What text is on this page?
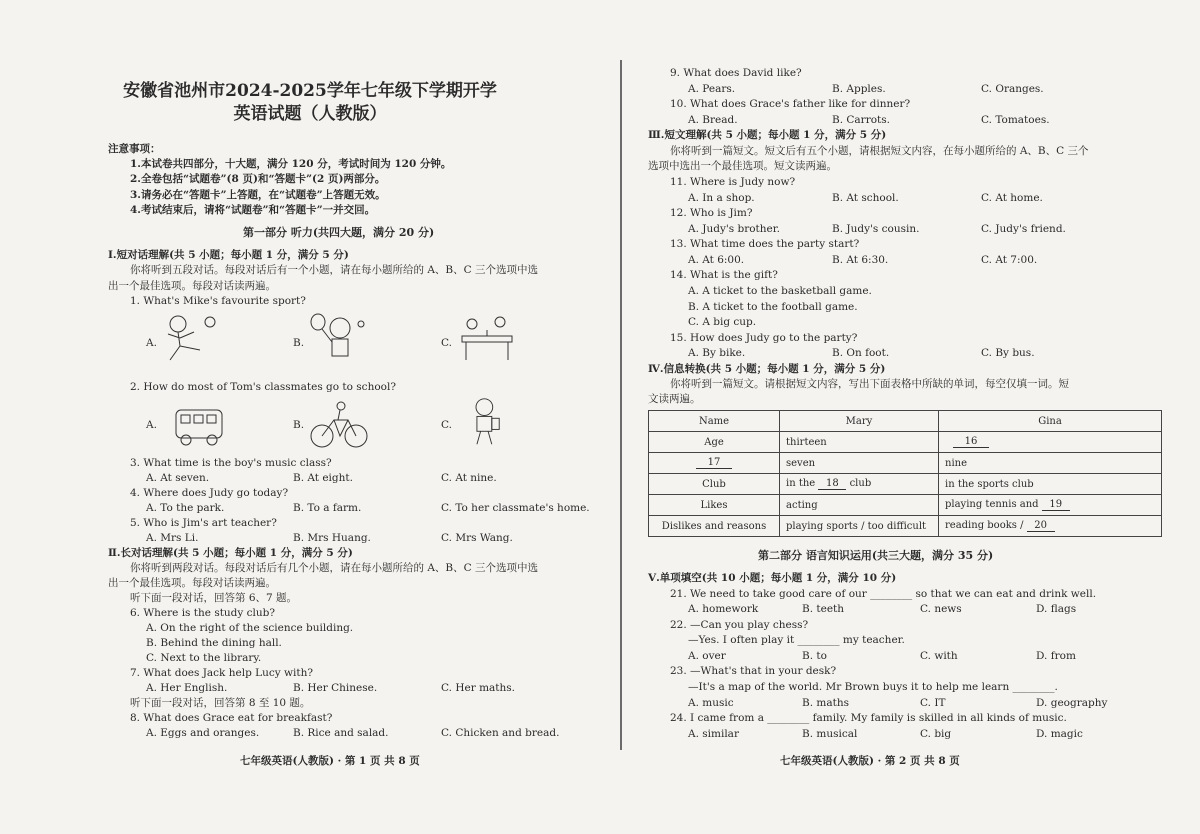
安徽省池州市2024-2025学年七年级下学期开学
英语试题（人教版）
注意事项：
1.本试卷共四部分，十大题，满分 120 分，考试时间为 120 分钟。
2.全卷包括“试题卷”(8 页)和“答题卡”(2 页)两部分。
3.请务必在“答题卡”上答题，在“试题卷”上答题无效。
4.考试结束后，请将“试题卷”和“答题卡”一并交回。
第一部分 听力(共四大题，满分 20 分)
Ⅰ.短对话理解(共 5 小题；每小题 1 分，满分 5 分)
你将听到五段对话。每段对话后有一个小题，请在每小题所给的 A、B、C 三个选项中选
出一个最佳选项。每段对话读两遍。
1. What's Mike's favourite sport?
A.	B.	C.
2. How do most of Tom's classmates go to school?
A.	B.	C.
3. What time is the boy's music class?
A. At seven.	B. At eight.	C. At nine.
4. Where does Judy go today?
A. To the park.	B. To a farm.	C. To her classmate's home.
5. Who is Jim's art teacher?
A. Mrs Li.	B. Mrs Huang.	C. Mrs Wang.
Ⅱ.长对话理解(共 5 小题；每小题 1 分，满分 5 分)
你将听到两段对话。每段对话后有几个小题，请在每小题所给的 A、B、C 三个选项中选
出一个最佳选项。每段对话读两遍。
听下面一段对话，回答第 6、7 题。
6. Where is the study club?
A. On the right of the science building.
B. Behind the dining hall.
C. Next to the library.
7. What does Jack help Lucy with?
A. Her English.	B. Her Chinese.	C. Her maths.
听下面一段对话，回答第 8 至 10 题。
8. What does Grace eat for breakfast?
A. Eggs and oranges.	B. Rice and salad.	C. Chicken and bread.
七年级英语(人教版) · 第 1 页 共 8 页
9. What does David like?
A. Pears.	B. Apples.	C. Oranges.
10. What does Grace's father like for dinner?
A. Bread.	B. Carrots.	C. Tomatoes.
Ⅲ.短文理解(共 5 小题；每小题 1 分，满分 5 分)
你将听到一篇短文。短文后有五个小题，请根据短文内容，在每小题所给的 A、B、C 三个
选项中选出一个最佳选项。短文读两遍。
11. Where is Judy now?
A. In a shop.	B. At school.	C. At home.
12. Who is Jim?
A. Judy's brother.	B. Judy's cousin.	C. Judy's friend.
13. What time does the party start?
A. At 6:00.	B. At 6:30.	C. At 7:00.
14. What is the gift?
A. A ticket to the basketball game.
B. A ticket to the football game.
C. A big cup.
15. How does Judy go to the party?
A. By bike.	B. On foot.	C. By bus.
Ⅳ.信息转换(共 5 小题；每小题 1 分，满分 5 分)
你将听到一篇短文。请根据短文内容，写出下面表格中所缺的单词，每空仅填一词。短
文读两遍。
Name	Mary	Gina
Age	thirteen	16
17	seven	nine
Club	in the 18 club	in the sports club
Likes	acting	playing tennis and 19
Dislikes and reasons	playing sports / too difficult	reading books / 20
第二部分 语言知识运用(共三大题，满分 35 分)
Ⅴ.单项填空(共 10 小题；每小题 1 分，满分 10 分)
21. We need to take good care of our ________ so that we can eat and drink well.
A. homework	B. teeth	C. news	D. flags
22. —Can you play chess?
—Yes. I often play it ________ my teacher.
A. over	B. to	C. with	D. from
23. —What's that in your desk?
—It's a map of the world. Mr Brown buys it to help me learn ________.
A. music	B. maths	C. IT	D. geography
24. I came from a ________ family. My family is skilled in all kinds of music.
A. similar	B. musical	C. big	D. magic
七年级英语(人教版) · 第 2 页 共 8 页
